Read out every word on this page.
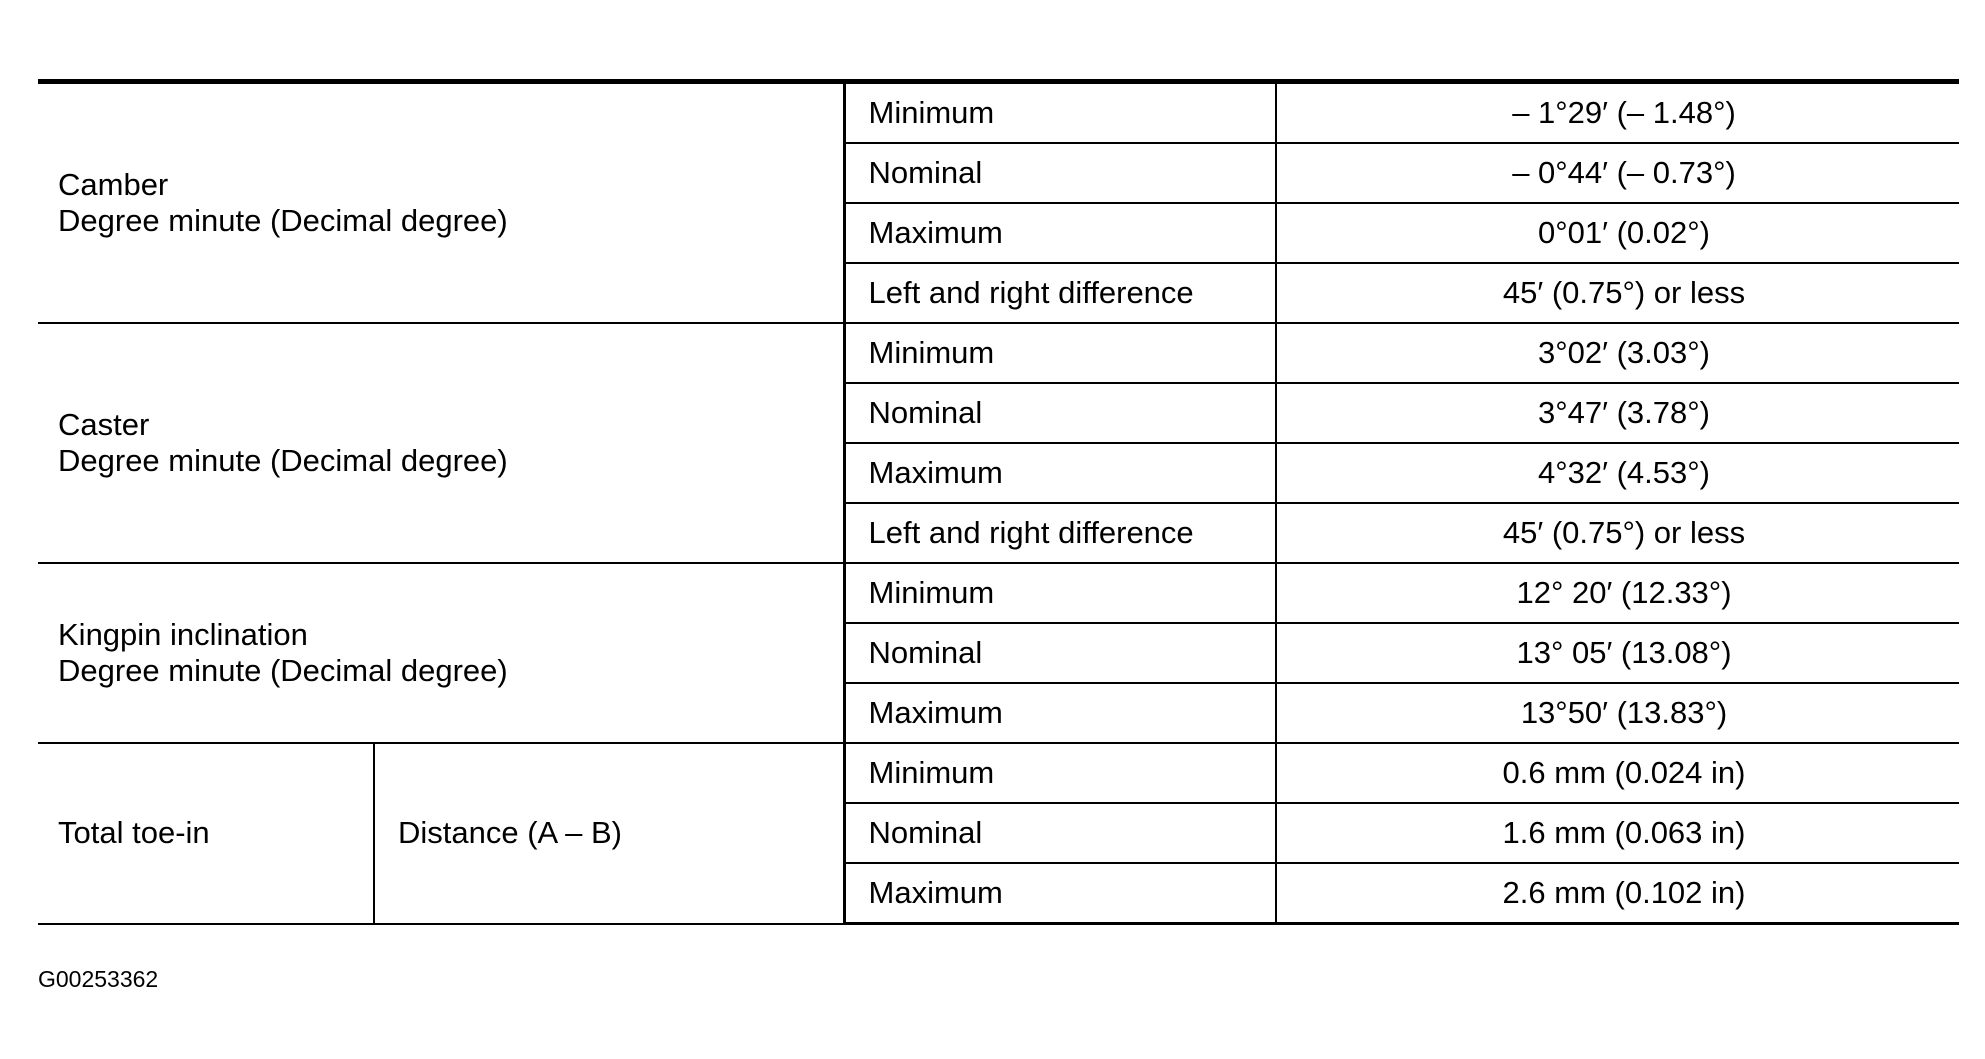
Camber
Degree minute (Decimal degree)		Minimum	– 1°29′ (– 1.48°)
		Nominal	– 0°44′ (– 0.73°)
		Maximum	0°01′ (0.02°)
		Left and right difference	45′ (0.75°) or less

Caster
Degree minute (Decimal degree)		Minimum	3°02′ (3.03°)
		Nominal	3°47′ (3.78°)
		Maximum	4°32′ (4.53°)
		Left and right difference	45′ (0.75°) or less

Kingpin inclination
Degree minute (Decimal degree)		Minimum	12° 20′ (12.33°)
		Nominal	13° 05′ (13.08°)
		Maximum	13°50′ (13.83°)
Total toe-in	Distance (A – B)	Minimum	0.6 mm (0.024 in)
		Nominal	1.6 mm (0.063 in)
		Maximum	2.6 mm (0.102 in)
G00253362
